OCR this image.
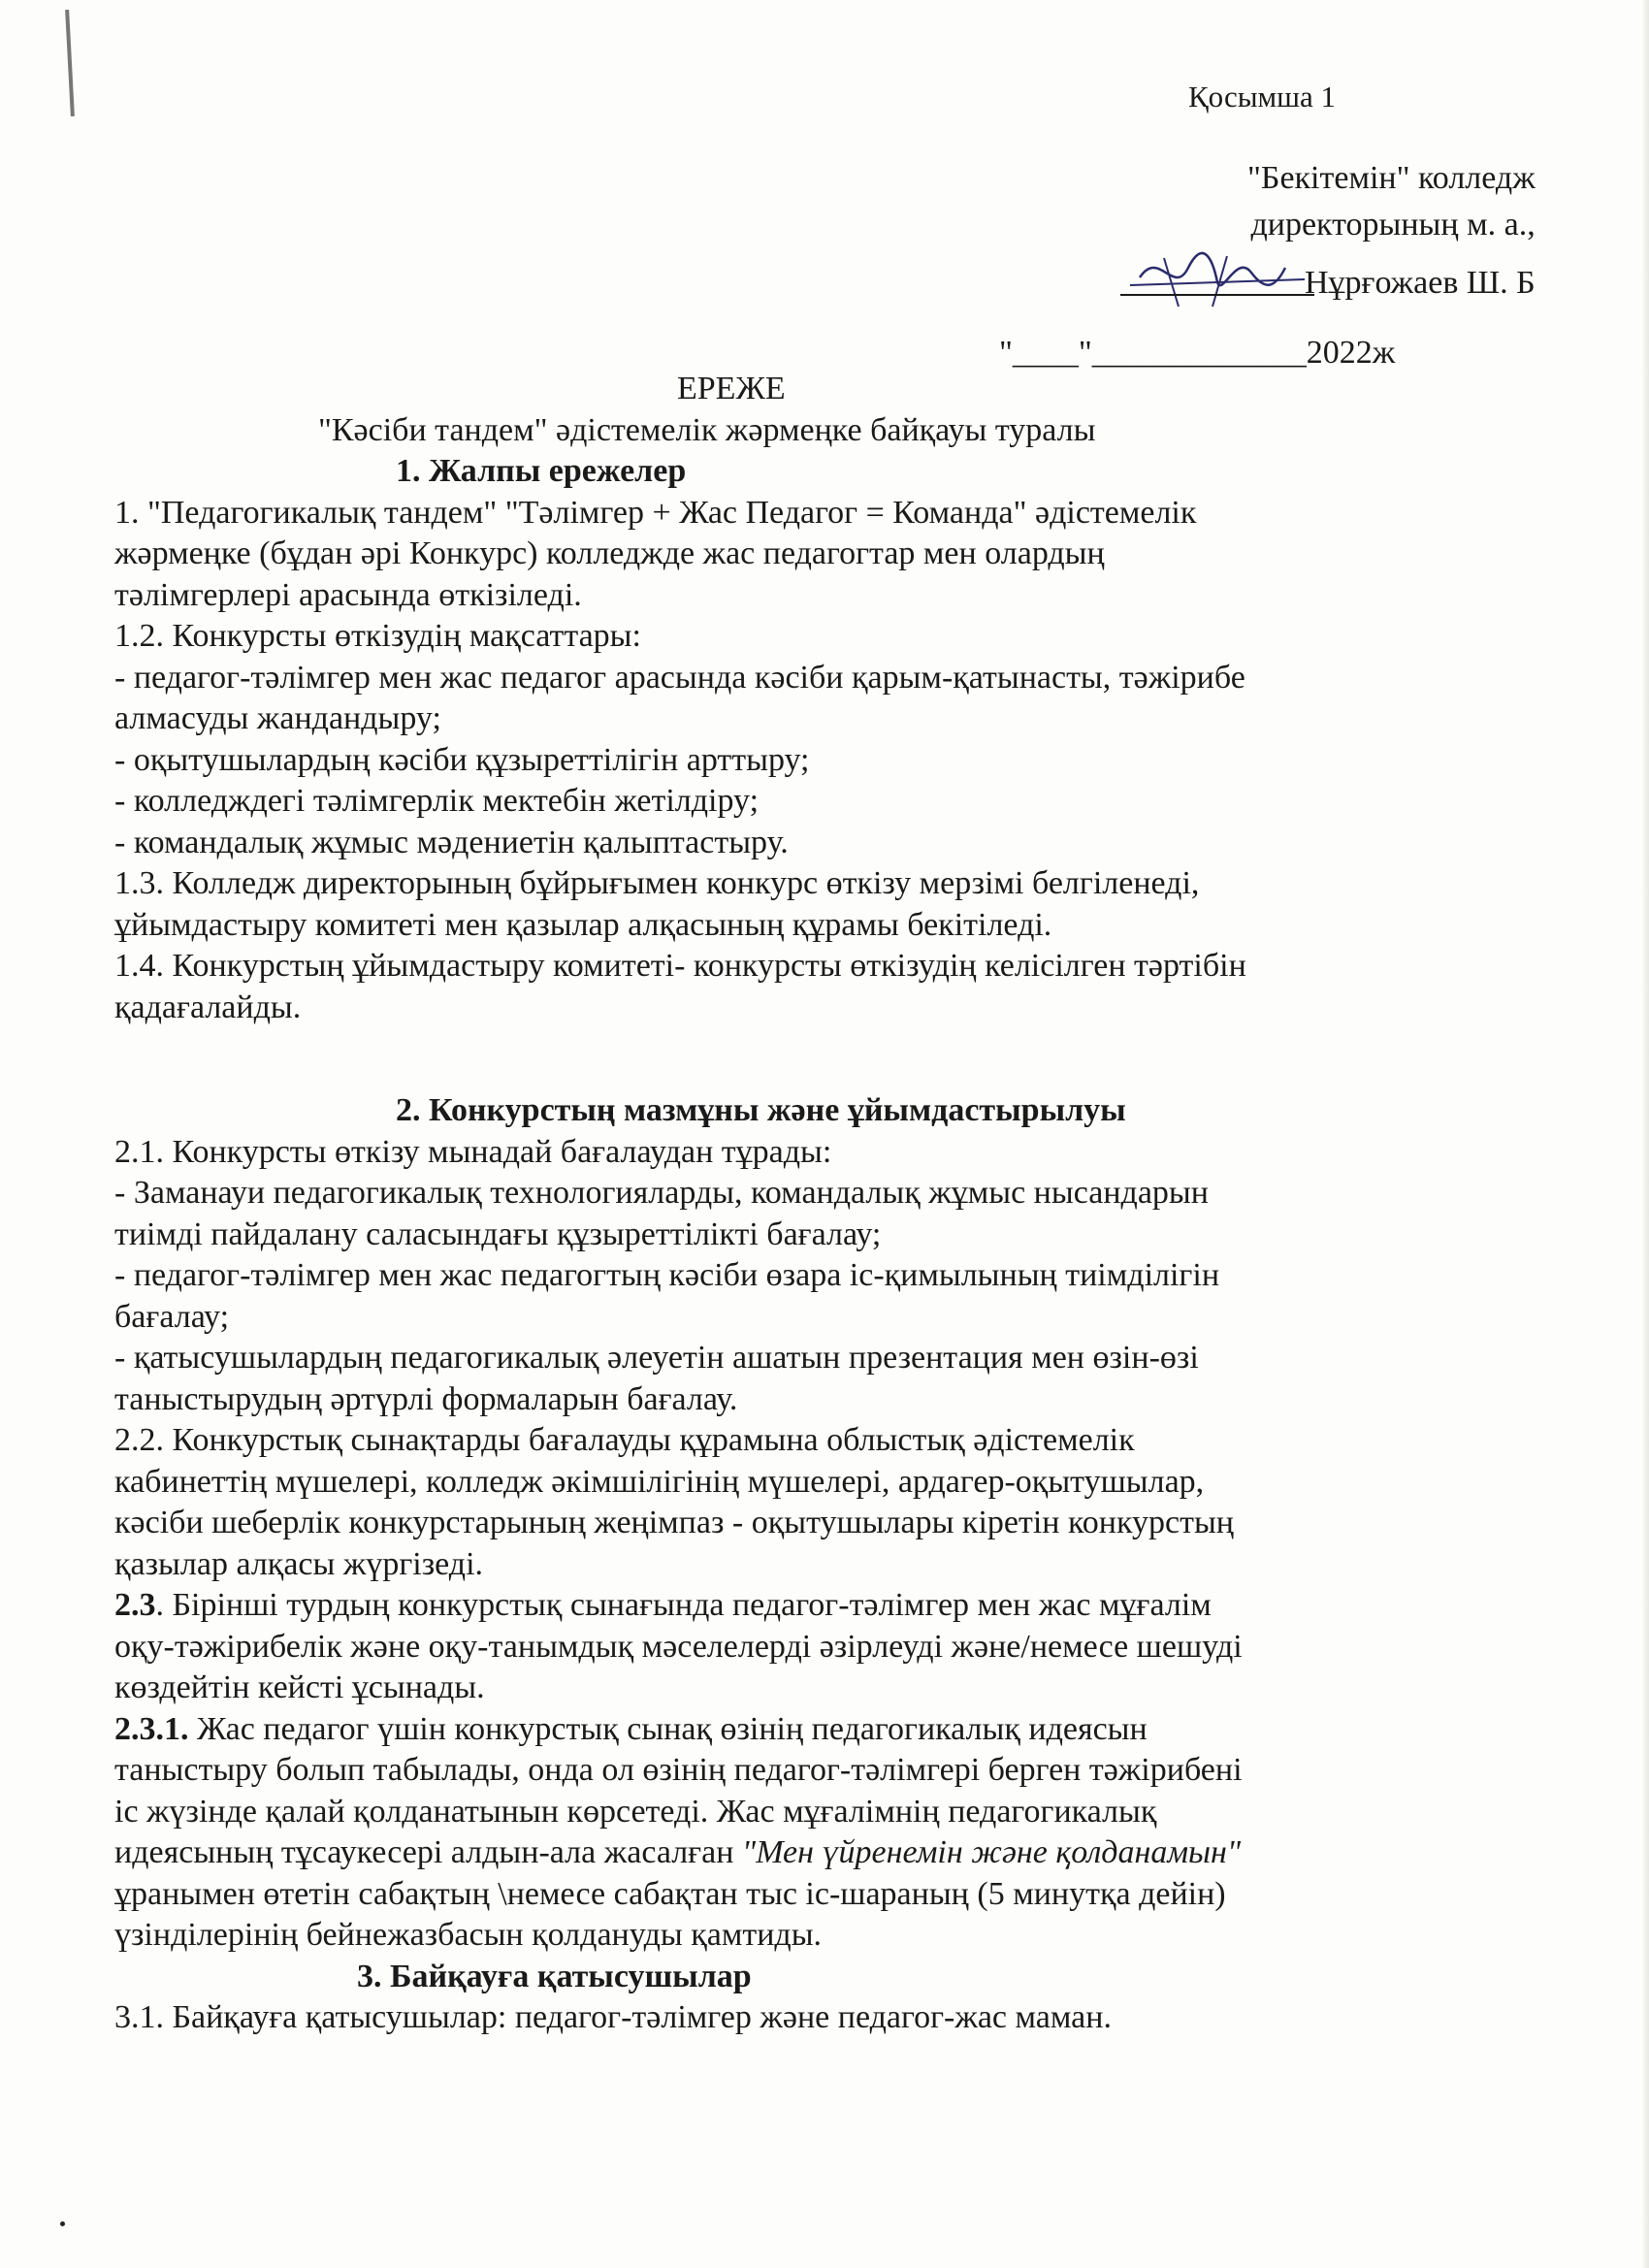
Қосымша 1
"Бекітемін" колледж
директорының м. а.,
Нұрғожаев Ш. Б
"____"_____________2022ж

ЕРЕЖЕ

"Кәсіби тандем" әдістемелік жәрмеңке байқауы туралы

1. Жалпы ережелер

1. "Педагогикалық тандем" "Тәлімгер + Жас Педагог = Команда" әдістемелік

жәрмеңке (бұдан әрі Конкурс) колледжде жас педагогтар мен олардың

тәлімгерлері арасында өткізіледі.

1.2. Конкурсты өткізудің мақсаттары:

- педагог-тәлімгер мен жас педагог арасында кәсіби қарым-қатынасты, тәжірибе

алмасуды жандандыру;

- оқытушылардың кәсіби құзыреттілігін арттыру;

- колледждегі тәлімгерлік мектебін жетілдіру;

- командалық жұмыс мәдениетін қалыптастыру.

1.3. Колледж директорының бұйрығымен конкурс өткізу мерзімі белгіленеді,

ұйымдастыру комитеті мен қазылар алқасының құрамы бекітіледі.

1.4. Конкурстың ұйымдастыру комитеті- конкурсты өткізудің келісілген тәртібін

қадағалайды.

2. Конкурстың мазмұны және ұйымдастырылуы

2.1. Конкурсты өткізу мынадай бағалаудан тұрады:

- Заманауи педагогикалық технологияларды, командалық жұмыс нысандарын

тиімді пайдалану саласындағы құзыреттілікті бағалау;

- педагог-тәлімгер мен жас педагогтың кәсіби өзара іс-қимылының тиімділігін

бағалау;

- қатысушылардың педагогикалық әлеуетін ашатын презентация мен өзін-өзі

таныстырудың әртүрлі формаларын бағалау.

2.2. Конкурстық сынақтарды бағалауды құрамына облыстық әдістемелік

кабинеттің мүшелері, колледж әкімшілігінің мүшелері, ардагер-оқытушылар,

кәсіби шеберлік конкурстарының жеңімпаз - оқытушылары кіретін конкурстың

қазылар алқасы жүргізеді.

2.3. Бірінші турдың конкурстық сынағында педагог-тәлімгер мен жас мұғалім

оқу-тәжірибелік және оқу-танымдық мәселелерді әзірлеуді және/немесе шешуді

көздейтін кейсті ұсынады.

2.3.1. Жас педагог үшін конкурстық сынақ өзінің педагогикалық идеясын

таныстыру болып табылады, онда ол өзінің педагог-тәлімгері берген тәжірибені

іс жүзінде қалай қолданатынын көрсетеді. Жас мұғалімнің педагогикалық

идеясының тұсаукесері алдын-ала жасалған "Мен үйренемін және қолданамын"

ұранымен өтетін сабақтың \немесе сабақтан тыс іс-шараның (5 минутқа дейін)

үзінділерінің бейнежазбасын қолдануды қамтиды.

3. Байқауға қатысушылар

3.1. Байқауға қатысушылар: педагог-тәлімгер және педагог-жас маман.
